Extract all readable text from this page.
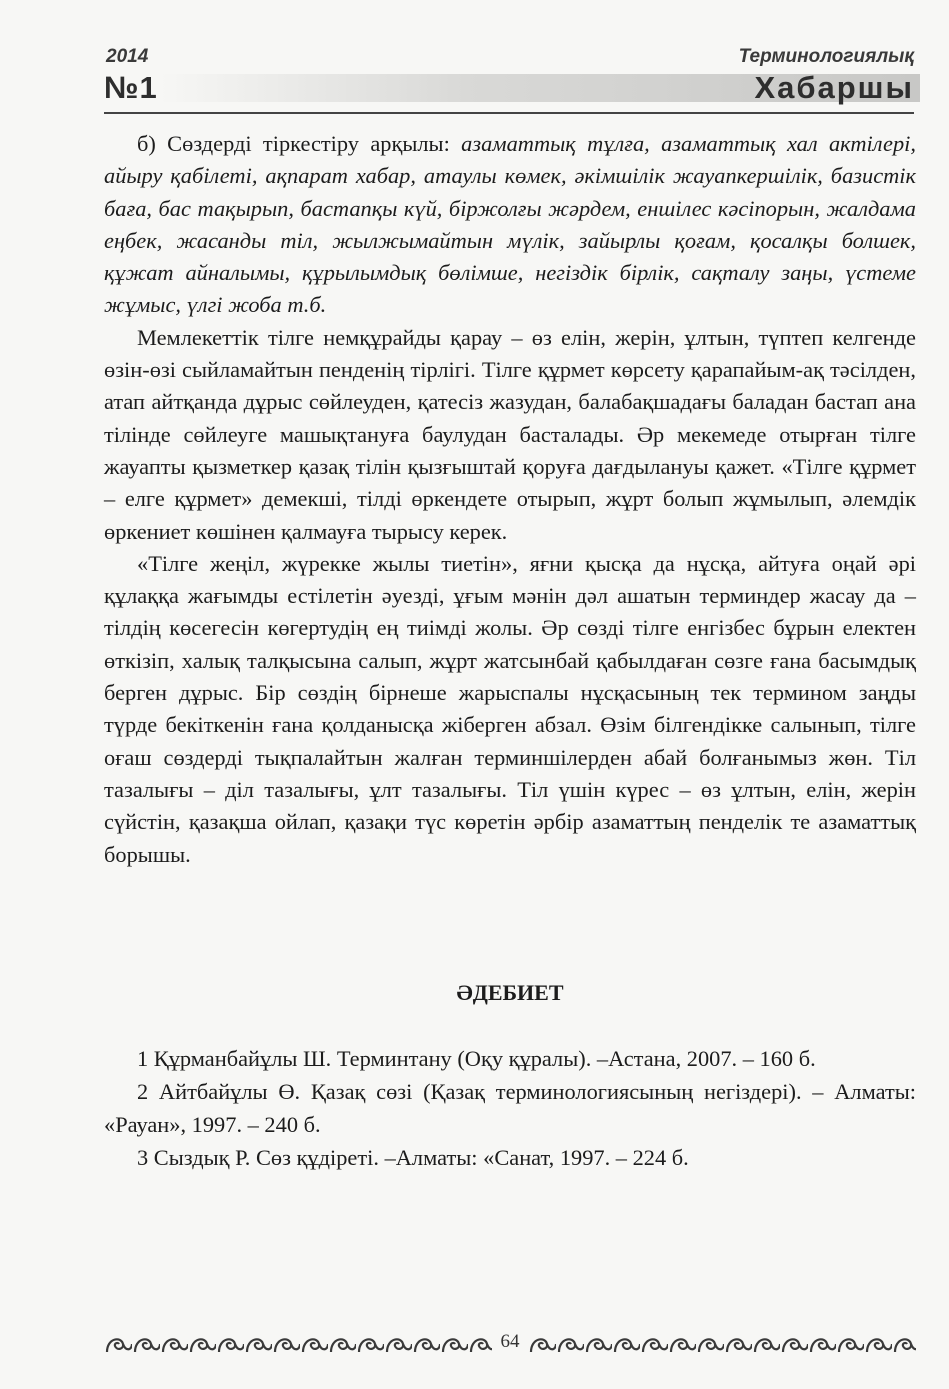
2014
№1
Терминологиялық
Хабаршы

б) Сөздерді тіркестіру арқылы: азаматтық тұлға, азаматтық хал актілері, айыру қабілеті, ақпарат хабар, атаулы көмек, әкімшілік жауапкершілік, базистік баға, бас тақырып, бастапқы күй, біржолғы жәрдем, еншілес кәсіпорын, жалдама еңбек, жасанды тіл, жылжымайтын мүлік, зайырлы қоғам, қосалқы болшек, құжат айналымы, құрылымдық бөлімше, негіздік бірлік, сақталу заңы, үстеме жұмыс, үлгі жоба т.б.

Мемлекеттік тілге немқұрайды қарау – өз елін, жерін, ұлтын, түптеп келгенде өзін-өзі сыйламайтын пенденің тірлігі. Тілге құрмет көрсету қарапайым-ақ тәсілден, атап айтқанда дұрыс сөйлеуден, қатесіз жазудан, балабақшадағы баладан бастап ана тілінде сөйлеуге машықтануға баулудан басталады. Әр мекемеде отырған тілге жауапты қызметкер қазақ тілін қызғыштай қоруға дағдылануы қажет. «Тілге құрмет – елге құрмет» демекші, тілді өркендете отырып, жұрт болып жұмылып, әлемдік өркениет көшінен қалмауға тырысу керек.

«Тілге жеңіл, жүрекке жылы тиетін», яғни қысқа да нұсқа, айтуға оңай әрі құлаққа жағымды естілетін әуезді, ұғым мәнін дәл ашатын терминдер жасау да – тілдің көсегесін көгертудің ең тиімді жолы. Әр сөзді тілге енгізбес бұрын електен өткізіп, халық талқысына салып, жұрт жатсынбай қабылдаған сөзге ғана басымдық берген дұрыс. Бір сөздің бірнеше жарыспалы нұсқасының тек термином заңды түрде бекіткенін ғана қолданысқа жіберген абзал. Өзім білгендікке салынып, тілге оғаш сөздерді тықпалайтын жалған терминшілерден абай болғанымыз жөн. Тіл тазалығы – діл тазалығы, ұлт тазалығы. Тіл үшін күрес – өз ұлтын, елін, жерін сүйстін, қазақша ойлап, қазақи түс көретін әрбір азаматтың пенделік те азаматтық борышы.

ӘДЕБИЕТ

1 Құрманбайұлы Ш. Терминтану (Оқу құралы). –Астана, 2007. – 160 б.

2 Айтбайұлы Ө. Қазақ сөзі (Қазақ терминологиясының негіздері). – Алматы: «Рауан», 1997. – 240 б.

3 Сыздық Р. Сөз құдіреті. –Алматы: «Санат, 1997. – 224 б.

64
